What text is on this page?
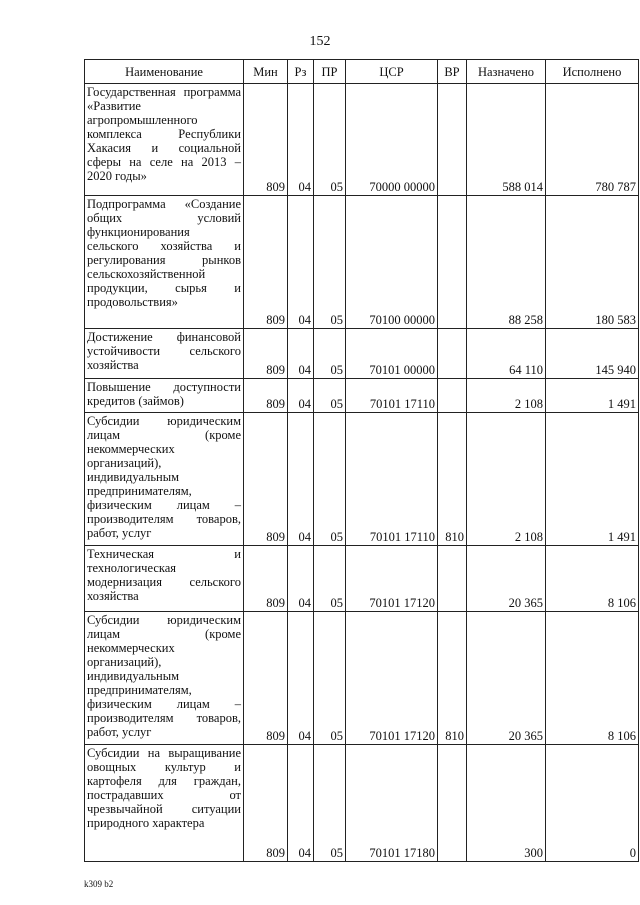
152
Наименование	Мин	Рз	ПР	ЦСР	ВР	Назначено	Исполнено
Государственная программа «Развитие агропромышленного комплекса Республики Хакасия и социальной сферы на селе на 2013 – 2020 годы»	809	04	05	70000 00000		588 014	780 787
Подпрограмма «Создание общих условий функционирования сельского хозяйства и регулирования рынков сельскохозяйственной продукции, сырья и продовольствия»	809	04	05	70100 00000		88 258	180 583
Достижение финансовой устойчивости сельского хозяйства	809	04	05	70101 00000		64 110	145 940
Повышение доступности кредитов (займов)	809	04	05	70101 17110		2 108	1 491
Субсидии юридическим лицам (кроме некоммерческих организаций), индивидуальным предпринимателям, физическим лицам – производителям товаров, работ, услуг	809	04	05	70101 17110	810	2 108	1 491
Техническая и технологическая модернизация сельского хозяйства	809	04	05	70101 17120		20 365	8 106
Субсидии юридическим лицам (кроме некоммерческих организаций), индивидуальным предпринимателям, физическим лицам – производителям товаров, работ, услуг	809	04	05	70101 17120	810	20 365	8 106
Субсидии на выращивание овощных культур и картофеля для граждан, пострадавших от чрезвычайной ситуации природного характера	809	04	05	70101 17180		300	0
k309 b2
